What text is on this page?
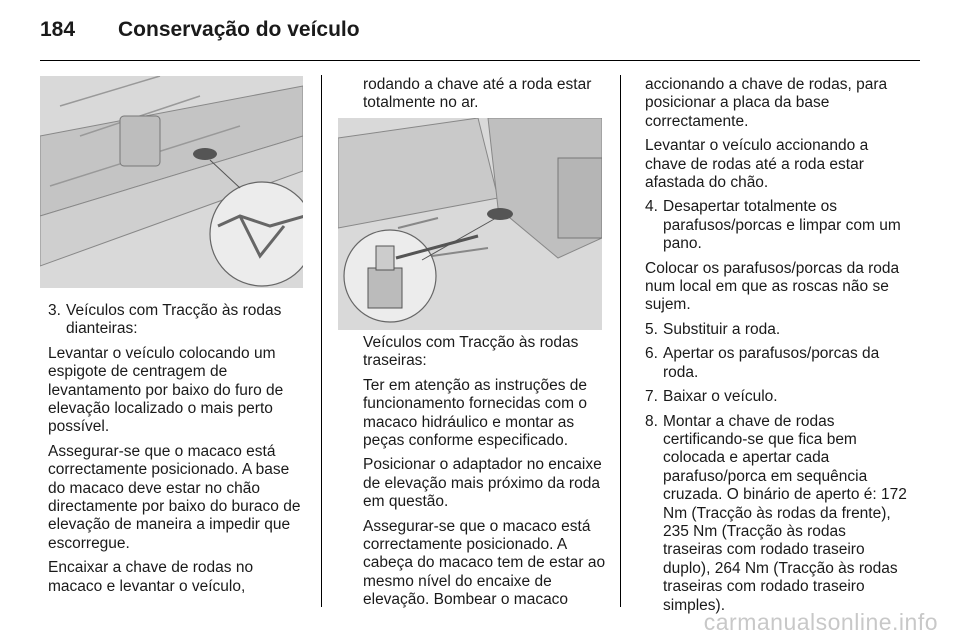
184	Conservação do veículo
3. Veículos com Tracção às rodas dianteiras:

Levantar o veículo colocando um espigote de centragem de levantamento por baixo do furo de elevação localizado o mais perto possível.

Assegurar-se que o macaco está correctamente posicionado. A base do macaco deve estar no chão directamente por baixo do buraco de elevação de maneira a impedir que escorregue.

Encaixar a chave de rodas no macaco e levantar o veículo,

rodando a chave até a roda estar totalmente no ar.

Veículos com Tracção às rodas traseiras:

Ter em atenção as instruções de funcionamento fornecidas com o macaco hidráulico e montar as peças conforme especificado.

Posicionar o adaptador no encaixe de elevação mais próximo da roda em questão.

Assegurar-se que o macaco está correctamente posicionado. A cabeça do macaco tem de estar ao mesmo nível do encaixe de elevação. Bombear o macaco

accionando a chave de rodas, para posicionar a placa da base correctamente.

Levantar o veículo accionando a chave de rodas até a roda estar afastada do chão.

4. Desapertar totalmente os parafusos/porcas e limpar com um pano.

Colocar os parafusos/porcas da roda num local em que as roscas não se sujem.

5. Substituir a roda.
6. Apertar os parafusos/porcas da roda.
7. Baixar o veículo.
8. Montar a chave de rodas certificando-se que fica bem colocada e apertar cada parafuso/porca em sequência cruzada. O binário de aperto é: 172 Nm (Tracção às rodas da frente), 235 Nm (Tracção às rodas traseiras com rodado traseiro duplo), 264 Nm (Tracção às rodas traseiras com rodado traseiro simples).
carmanualsonline.info
